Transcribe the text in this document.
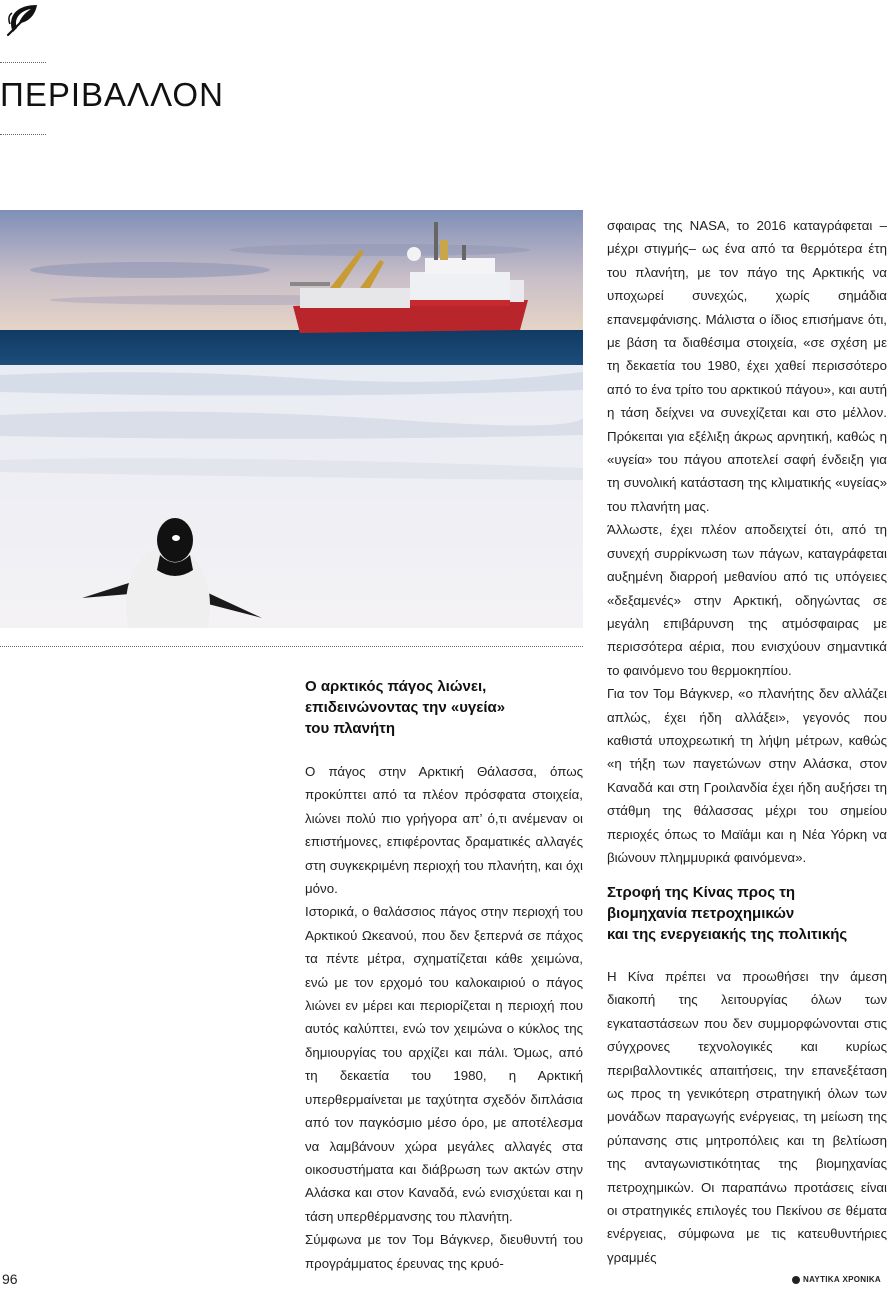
ΠΕΡΙΒΑΛΛΟΝ
Ο αρκτικός πάγος λιώνει,
επιδεινώνοντας την «υγεία»
του πλανήτη

Ο πάγος στην Αρκτική Θάλασσα, όπως προκύπτει από τα πλέον πρόσφατα στοιχεία, λιώνει πολύ πιο γρήγορα απ’ ό,τι ανέμεναν οι επιστήμονες, επιφέροντας δραματικές αλλαγές στη συγκεκριμένη περιοχή του πλανήτη, και όχι μόνο.

Ιστορικά, ο θαλάσσιος πάγος στην περιοχή του Αρκτικού Ωκεανού, που δεν ξεπερνά σε πάχος τα πέντε μέτρα, σχηματίζεται κάθε χειμώνα, ενώ με τον ερχομό του καλοκαιριού ο πάγος λιώνει εν μέρει και περιορίζεται η περιοχή που αυτός καλύπτει, ενώ τον χειμώνα ο κύκλος της δημιουργίας του αρχίζει και πάλι. Όμως, από τη δεκαετία του 1980, η Αρκτική υπερθερμαίνεται με ταχύτητα σχεδόν διπλάσια από τον παγκόσμιο μέσο όρο, με αποτέλεσμα να λαμβάνουν χώρα μεγάλες αλλαγές στα οικοσυστήματα και διάβρωση των ακτών στην Αλάσκα και στον Καναδά, ενώ ενισχύεται και η τάση υπερθέρμανσης του πλανήτη.

Σύμφωνα με τον Τομ Βάγκνερ, διευθυντή του προγράμματος έρευνας της κρυό-

σφαιρας της NASA, το 2016 καταγράφεται –μέχρι στιγμής– ως ένα από τα θερμότερα έτη του πλανήτη, με τον πάγο της Αρκτικής να υποχωρεί συνεχώς, χωρίς σημάδια επανεμφάνισης. Μάλιστα ο ίδιος επισήμανε ότι, με βάση τα διαθέσιμα στοιχεία, «σε σχέση με τη δεκαετία του 1980, έχει χαθεί περισσότερο από το ένα τρίτο του αρκτικού πάγου», και αυτή η τάση δείχνει να συνεχίζεται και στο μέλλον. Πρόκειται για εξέλιξη άκρως αρνητική, καθώς η «υγεία» του πάγου αποτελεί σαφή ένδειξη για τη συνολική κατάσταση της κλιματικής «υγείας» του πλανήτη μας.

Άλλωστε, έχει πλέον αποδειχτεί ότι, από τη συνεχή συρρίκνωση των πάγων, καταγράφεται αυξημένη διαρροή μεθανίου από τις υπόγειες «δεξαμενές» στην Αρκτική, οδηγώντας σε μεγάλη επιβάρυνση της ατμόσφαιρας με περισσότερα αέρια, που ενισχύουν σημαντικά το φαινόμενο του θερμοκηπίου.

Για τον Τομ Βάγκνερ, «ο πλανήτης δεν αλλάζει απλώς, έχει ήδη αλλάξει», γεγονός που καθιστά υποχρεωτική τη λήψη μέτρων, καθώς «η τήξη των παγετώνων στην Αλάσκα, στον Καναδά και στη Γροιλανδία έχει ήδη αυξήσει τη στάθμη της θάλασσας μέχρι του σημείου περιοχές όπως το Μαϊάμι και η Νέα Υόρκη να βιώνουν πλημμυρικά φαινόμενα».

Στροφή της Κίνας προς τη
βιομηχανία πετροχημικών
και της ενεργειακής της πολιτικής

Η Κίνα πρέπει να προωθήσει την άμεση διακοπή της λειτουργίας όλων των εγκαταστάσεων που δεν συμμορφώνονται στις σύγχρονες τεχνολογικές και κυρίως περιβαλλοντικές απαιτήσεις, την επανεξέταση ως προς τη γενικότερη στρατηγική όλων των μονάδων παραγωγής ενέργειας, τη μείωση της ρύπανσης στις μητροπόλεις και τη βελτίωση της ανταγωνιστικότητας της βιομηχανίας πετροχημικών. Οι παραπάνω προτάσεις είναι οι στρατηγικές επιλογές του Πεκίνου σε θέματα ενέργειας, σύμφωνα με τις κατευθυντήριες γραμμές

96	ΝΑΥΤΙΚΑ ΧΡΟΝΙΚΑ
